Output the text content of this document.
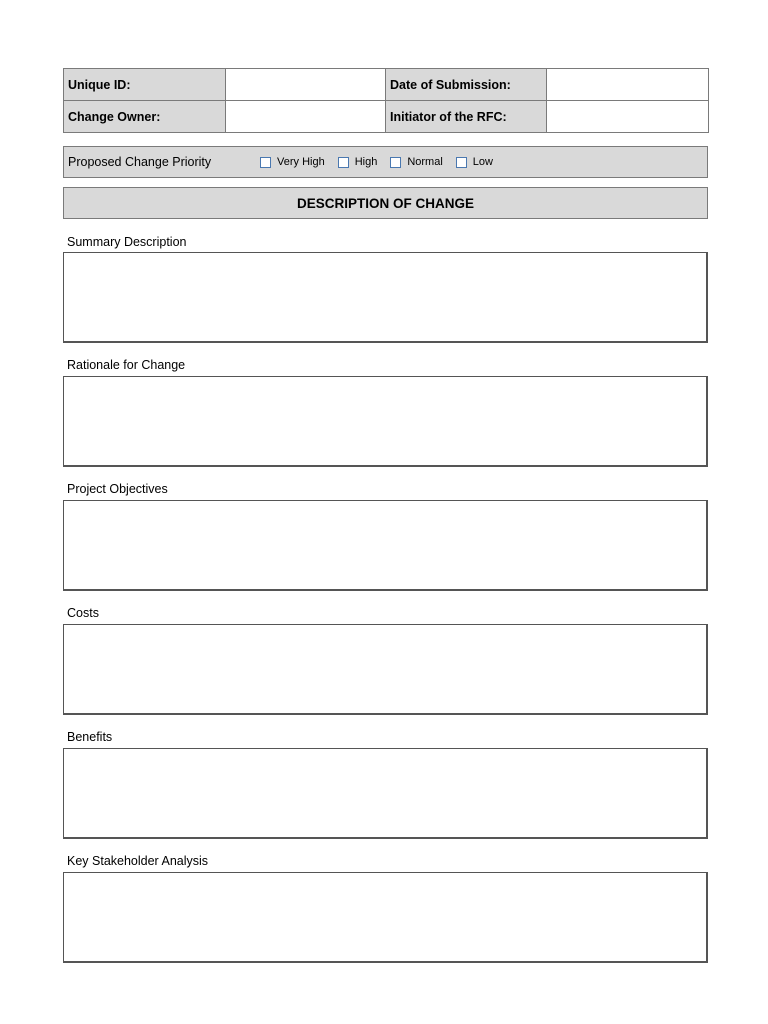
Unique ID:		Date of Submission:	
Change Owner:		Initiator of the RFC:	
Proposed Change Priority	Very High	High	Normal	Low
DESCRIPTION OF CHANGE
Summary Description
Rationale for Change
Project Objectives
Costs
Benefits
Key Stakeholder Analysis
